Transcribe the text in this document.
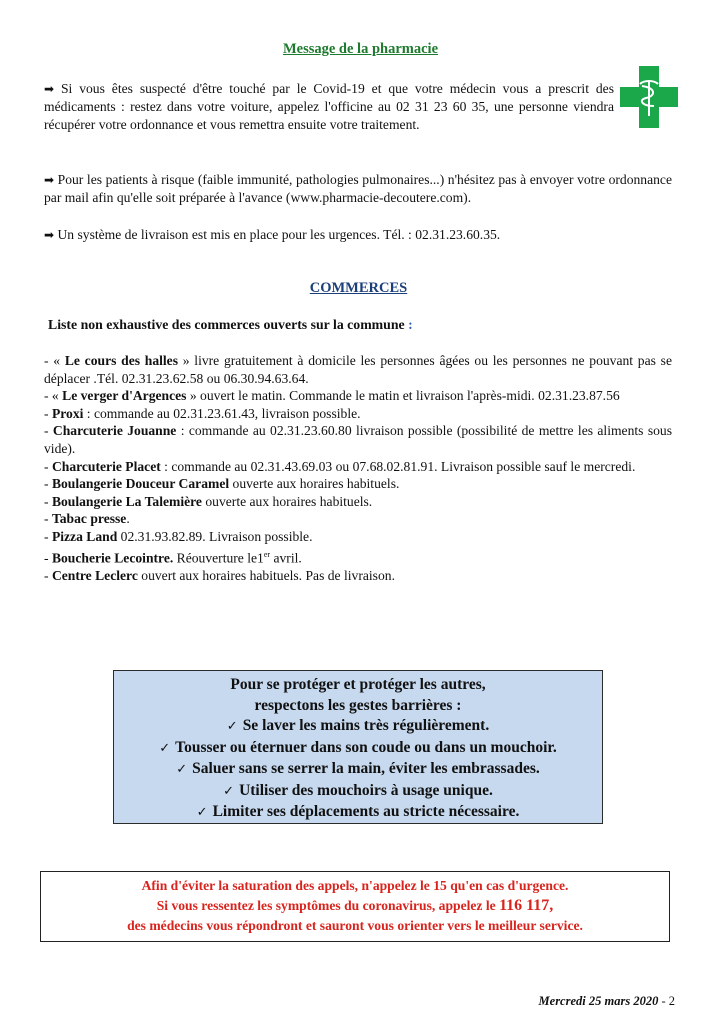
Message de la pharmacie
➡ Si vous êtes suspecté d'être touché par le Covid-19 et que votre médecin vous a prescrit des médicaments : restez dans votre voiture, appelez l'officine au 02 31 23 60 35, une personne viendra récupérer votre ordonnance et vous remettra ensuite votre traitement.
➡ Pour les patients à risque (faible immunité, pathologies pulmonaires...) n'hésitez pas à envoyer votre ordonnance par mail afin qu'elle soit préparée à l'avance (www.pharmacie-decoutere.com).
➡ Un système de livraison est mis en place pour les urgences. Tél. : 02.31.23.60.35.
COMMERCES
Liste non exhaustive des commerces ouverts sur la commune :
- « Le cours des halles » livre gratuitement à domicile les personnes âgées ou les personnes ne pouvant pas se déplacer .Tél. 02.31.23.62.58 ou 06.30.94.63.64.
- « Le verger d'Argences » ouvert le matin. Commande le matin et livraison l'après-midi. 02.31.23.87.56
- Proxi : commande au 02.31.23.61.43, livraison possible.
- Charcuterie Jouanne : commande au 02.31.23.60.80 livraison possible (possibilité de mettre les aliments sous vide).
- Charcuterie Placet : commande au 02.31.43.69.03 ou 07.68.02.81.91. Livraison possible sauf le mercredi.
- Boulangerie Douceur Caramel ouverte aux horaires habituels.
- Boulangerie La Talemière ouverte aux horaires habituels.
- Tabac presse.
- Pizza Land 02.31.93.82.89. Livraison possible.
- Boucherie Lecointre. Réouverture le1er avril.
- Centre Leclerc ouvert aux horaires habituels. Pas de livraison.
Pour se protéger et protéger les autres,
respectons les gestes barrières :
✓ Se laver les mains très régulièrement.
✓ Tousser ou éternuer dans son coude ou dans un mouchoir.
✓ Saluer sans se serrer la main, éviter les embrassades.
✓ Utiliser des mouchoirs à usage unique.
✓ Limiter ses déplacements au stricte nécessaire.
Afin d'éviter la saturation des appels, n'appelez le 15 qu'en cas d'urgence.
Si vous ressentez les symptômes du coronavirus, appelez le 116 117,
des médecins vous répondront et sauront vous orienter vers le meilleur service.
Mercredi 25 mars 2020 - 2
